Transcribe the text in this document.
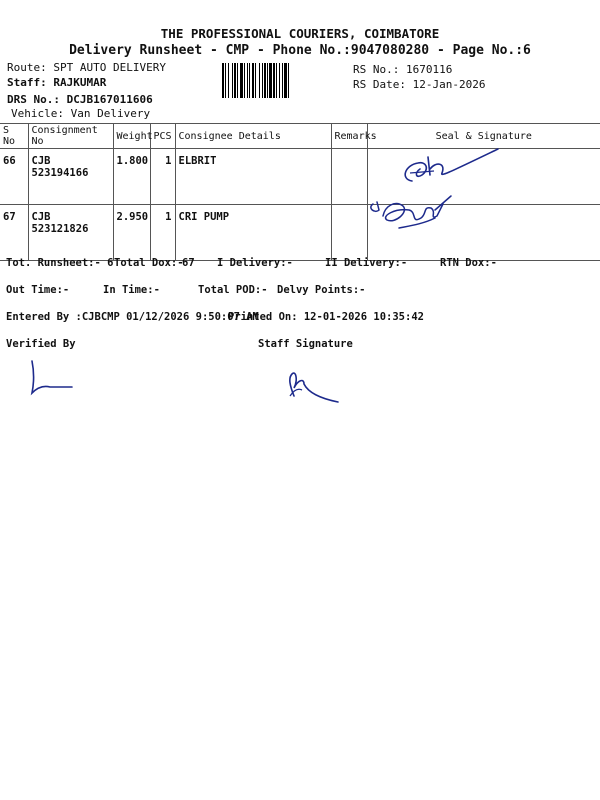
THE PROFESSIONAL COURIERS, COIMBATORE
Delivery Runsheet - CMP - Phone No.:9047080280 - Page No.:6
Route: SPT AUTO DELIVERY
Staff: RAJKUMAR
DRS No.: DCJB167011606
Vehicle: Van Delivery
RS No.: 1670116
RS Date: 12-Jan-2026
S No	Consignment No	Weight	PCS	Consignee Details	Remarks	Seal & Signature
66	CJB 523194166	1.800	1	ELBRIT		
67	CJB 523121826	2.950	1	CRI PUMP		
Tot. Runsheet:- 6 Total Dox:-
67 I Delivery:-	II Delivery:-	RTN Dox:-
Out Time:-	In Time:-	Total POD:- Delvy Points:-
Entered By :CJBCMP 01/12/2026 9:50:07 AM
Printed On: 12-01-2026 10:35:42
Verified By	Staff Signature
